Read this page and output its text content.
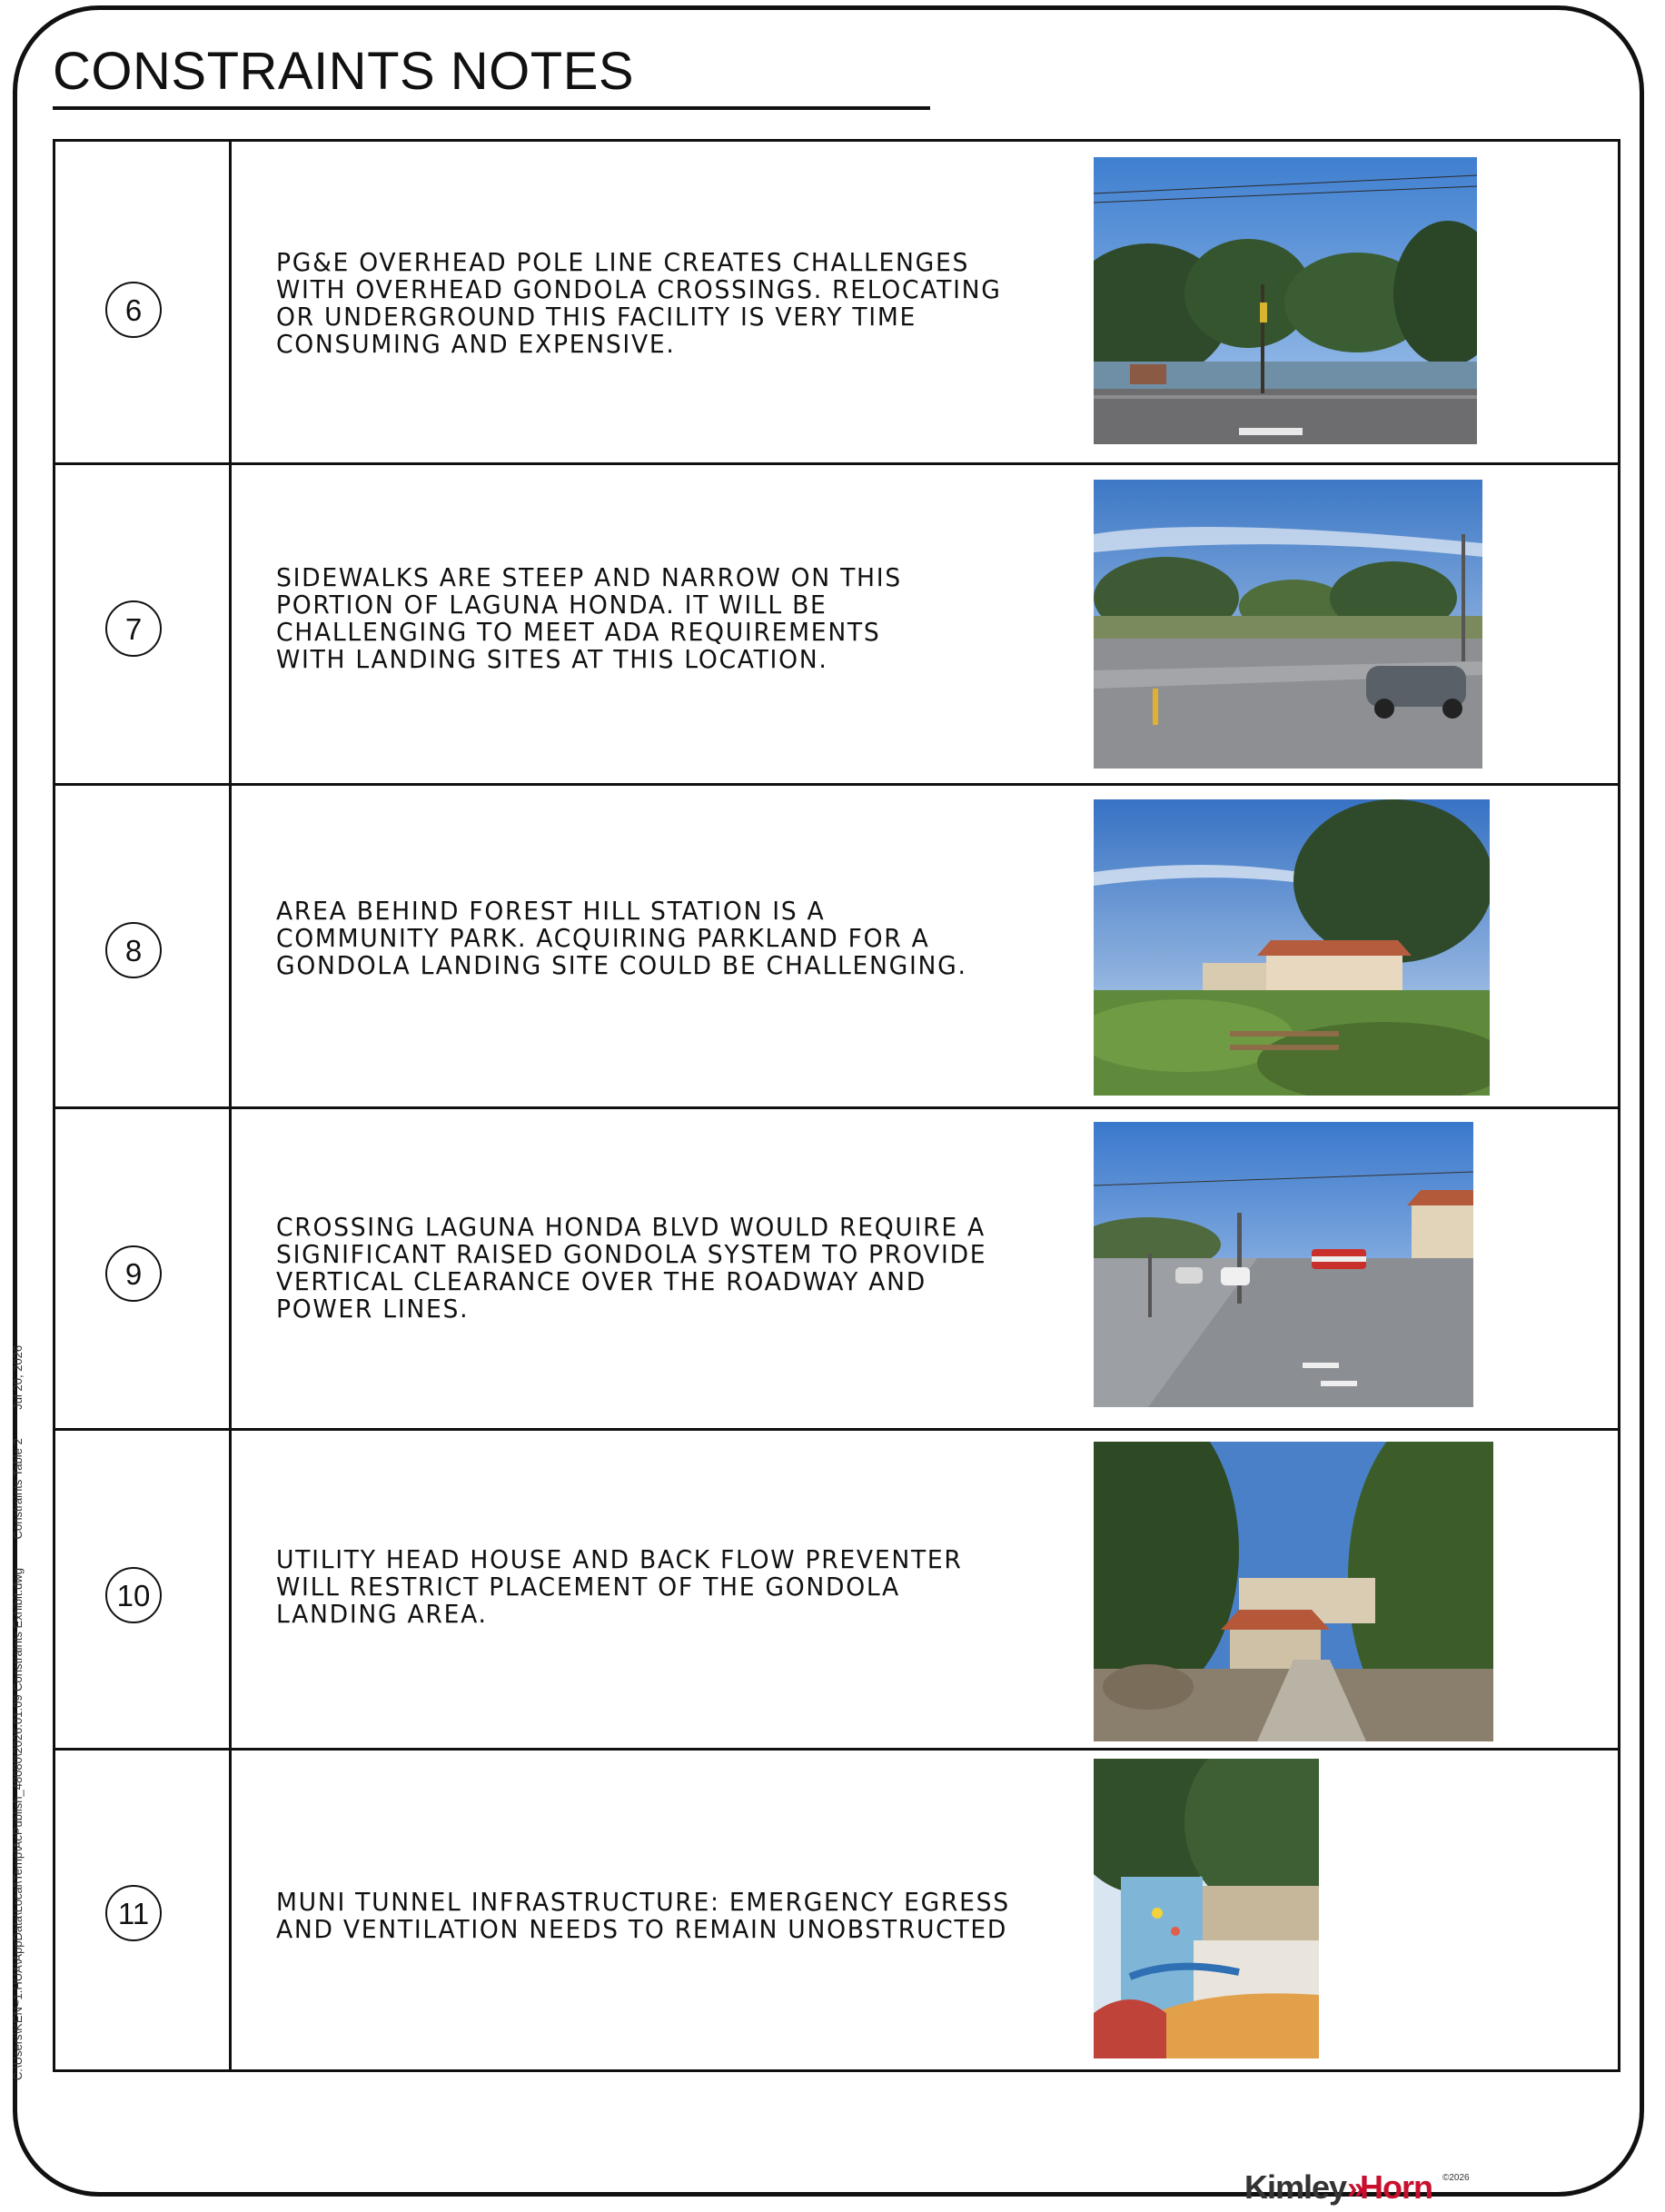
CONSTRAINTS NOTES
6
PG&E OVERHEAD POLE LINE CREATES CHALLENGES
WITH OVERHEAD GONDOLA CROSSINGS. RELOCATING
OR UNDERGROUND THIS FACILITY IS VERY TIME
CONSUMING AND EXPENSIVE.
7
SIDEWALKS ARE STEEP AND NARROW ON THIS
PORTION OF LAGUNA HONDA. IT WILL BE
CHALLENGING TO MEET ADA REQUIREMENTS
WITH LANDING SITES AT THIS LOCATION.
8
AREA BEHIND FOREST HILL STATION IS A
COMMUNITY PARK. ACQUIRING PARKLAND FOR A
GONDOLA LANDING SITE COULD BE CHALLENGING.
9
CROSSING LAGUNA HONDA BLVD WOULD REQUIRE A
SIGNIFICANT RAISED GONDOLA SYSTEM TO PROVIDE
VERTICAL CLEARANCE OVER THE ROADWAY AND
POWER LINES.
10
UTILITY HEAD HOUSE AND BACK FLOW PREVENTER
WILL RESTRICT PLACEMENT OF THE GONDOLA
LANDING AREA.
11	MUNI TUNNEL INFRASTRUCTURE: EMERGENCY EGRESS
AND VENTILATION NEEDS TO REMAIN UNOBSTRUCTED
C:\Users\KEN~1.HUA\AppData\Local\Temp\AcPublish_48080\2026.01.09 Constraints Exhibit.dwg Constraints Table 2 Jul 20, 2026
Kimley » Horn ©2026
